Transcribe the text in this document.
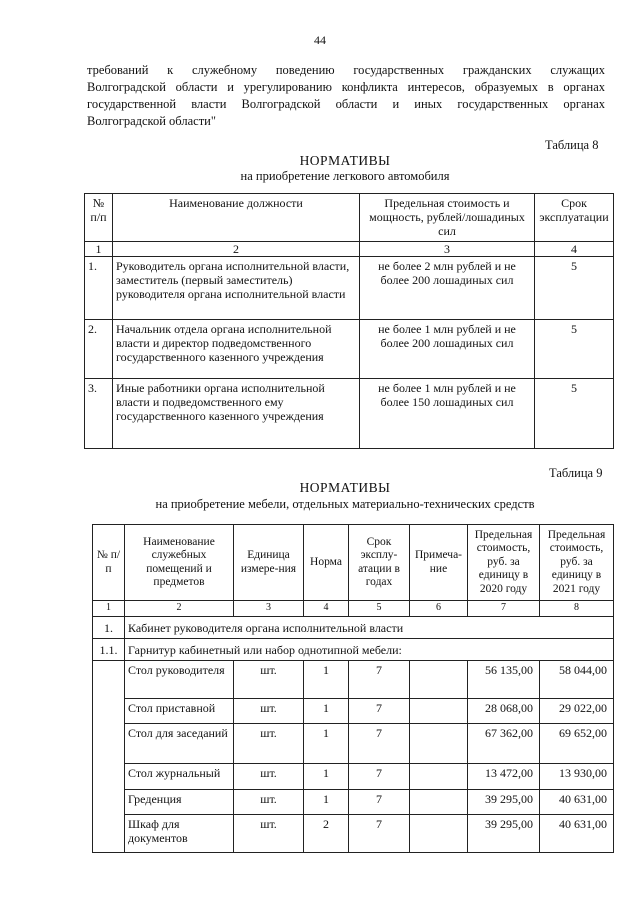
44
требований к служебному поведению государственных гражданских служащих
Волгоградской области и урегулированию конфликта интересов, образуемых в органах
государственной власти Волгоградской области и иных государственных органах
Волгоградской области"
Таблица 8
НОРМАТИВЫ
на приобретение легкового автомобиля
№ п/п	Наименование должности	Предельная стоимость и мощность, рублей/лошадиных сил	Срок эксплуатации
1	2	3	4
1.	Руководитель органа исполнительной власти, заместитель (первый заместитель) руководителя органа исполнительной власти	не более 2 млн рублей и не более 200 лошадиных сил	5
2.	Начальник отдела органа исполнительной власти и директор подведомственного государственного казенного учреждения	не более 1 млн рублей и не более 200 лошадиных сил	5
3.	Иные работники органа исполнительной власти и подведомственного ему государственного казенного учреждения	не более 1 млн рублей и не более 150 лошадиных сил	5
Таблица 9
НОРМАТИВЫ
на приобретение мебели, отдельных материально-технических средств
№ п/п	Наименование служебных помещений и предметов	Единица измере-ния	Норма	Срок эксплу-атации в годах	Примеча-ние	Предельная стоимость, руб. за единицу в 2020 году	Предельная стоимость, руб. за единицу в 2021 году
1	2	3	4	5	6	7	8
1.	Кабинет руководителя органа исполнительной власти						
1.1.	Гарнитур кабинетный или набор однотипной мебели:						
	Стол руководителя	шт.	1	7		56 135,00	58 044,00
	Стол приставной	шт.	1	7		28 068,00	29 022,00
	Стол для заседаний	шт.	1	7		67 362,00	69 652,00
	Стол журнальный	шт.	1	7		13 472,00	13 930,00
	Греденция	шт.	1	7		39 295,00	40 631,00
	Шкаф для документов	шт.	2	7		39 295,00	40 631,00
